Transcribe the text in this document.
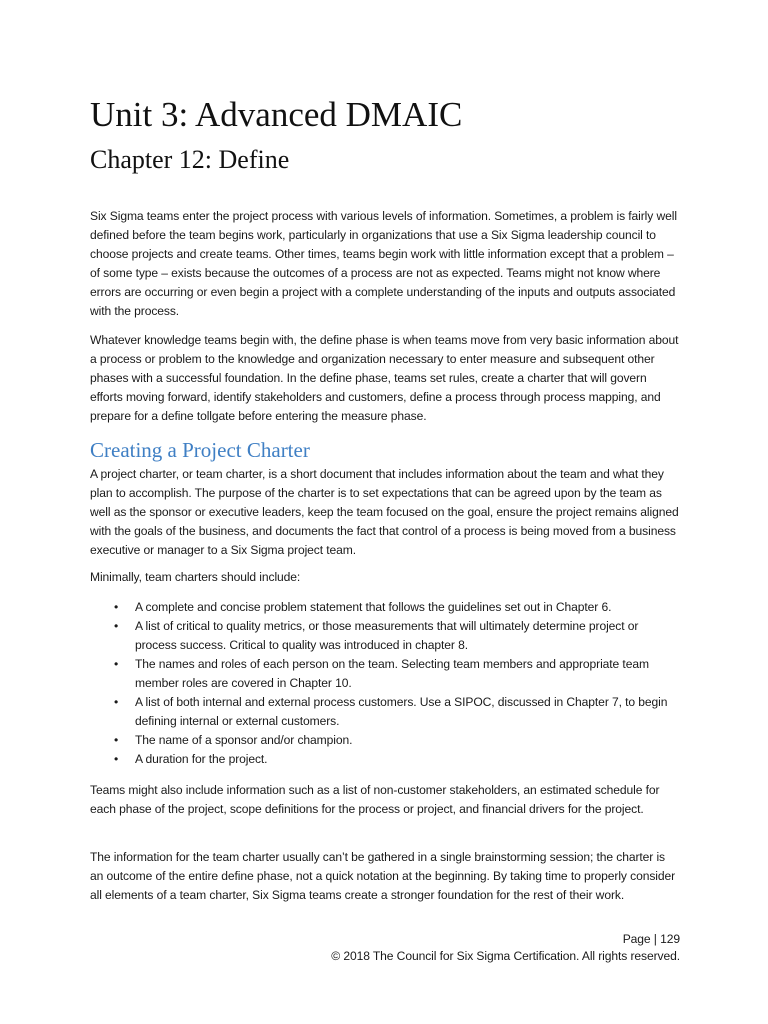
Unit 3: Advanced DMAIC
Chapter 12: Define

Six Sigma teams enter the project process with various levels of information. Sometimes, a problem is fairly well defined before the team begins work, particularly in organizations that use a Six Sigma leadership council to choose projects and create teams. Other times, teams begin work with little information except that a problem – of some type – exists because the outcomes of a process are not as expected. Teams might not know where errors are occurring or even begin a project with a complete understanding of the inputs and outputs associated with the process.

Whatever knowledge teams begin with, the define phase is when teams move from very basic information about a process or problem to the knowledge and organization necessary to enter measure and subsequent other phases with a successful foundation. In the define phase, teams set rules, create a charter that will govern efforts moving forward, identify stakeholders and customers, define a process through process mapping, and prepare for a define tollgate before entering the measure phase.

Creating a Project Charter

A project charter, or team charter, is a short document that includes information about the team and what they plan to accomplish. The purpose of the charter is to set expectations that can be agreed upon by the team as well as the sponsor or executive leaders, keep the team focused on the goal, ensure the project remains aligned with the goals of the business, and documents the fact that control of a process is being moved from a business executive or manager to a Six Sigma project team.

Minimally, team charters should include:

• A complete and concise problem statement that follows the guidelines set out in Chapter 6.
• A list of critical to quality metrics, or those measurements that will ultimately determine project or process success. Critical to quality was introduced in chapter 8.
• The names and roles of each person on the team. Selecting team members and appropriate team member roles are covered in Chapter 10.
• A list of both internal and external process customers. Use a SIPOC, discussed in Chapter 7, to begin defining internal or external customers.
• The name of a sponsor and/or champion.
• A duration for the project.

Teams might also include information such as a list of non-customer stakeholders, an estimated schedule for each phase of the project, scope definitions for the process or project, and financial drivers for the project.

The information for the team charter usually can’t be gathered in a single brainstorming session; the charter is an outcome of the entire define phase, not a quick notation at the beginning. By taking time to properly consider all elements of a team charter, Six Sigma teams create a stronger foundation for the rest of their work.

Page | 129
© 2018 The Council for Six Sigma Certification. All rights reserved.
